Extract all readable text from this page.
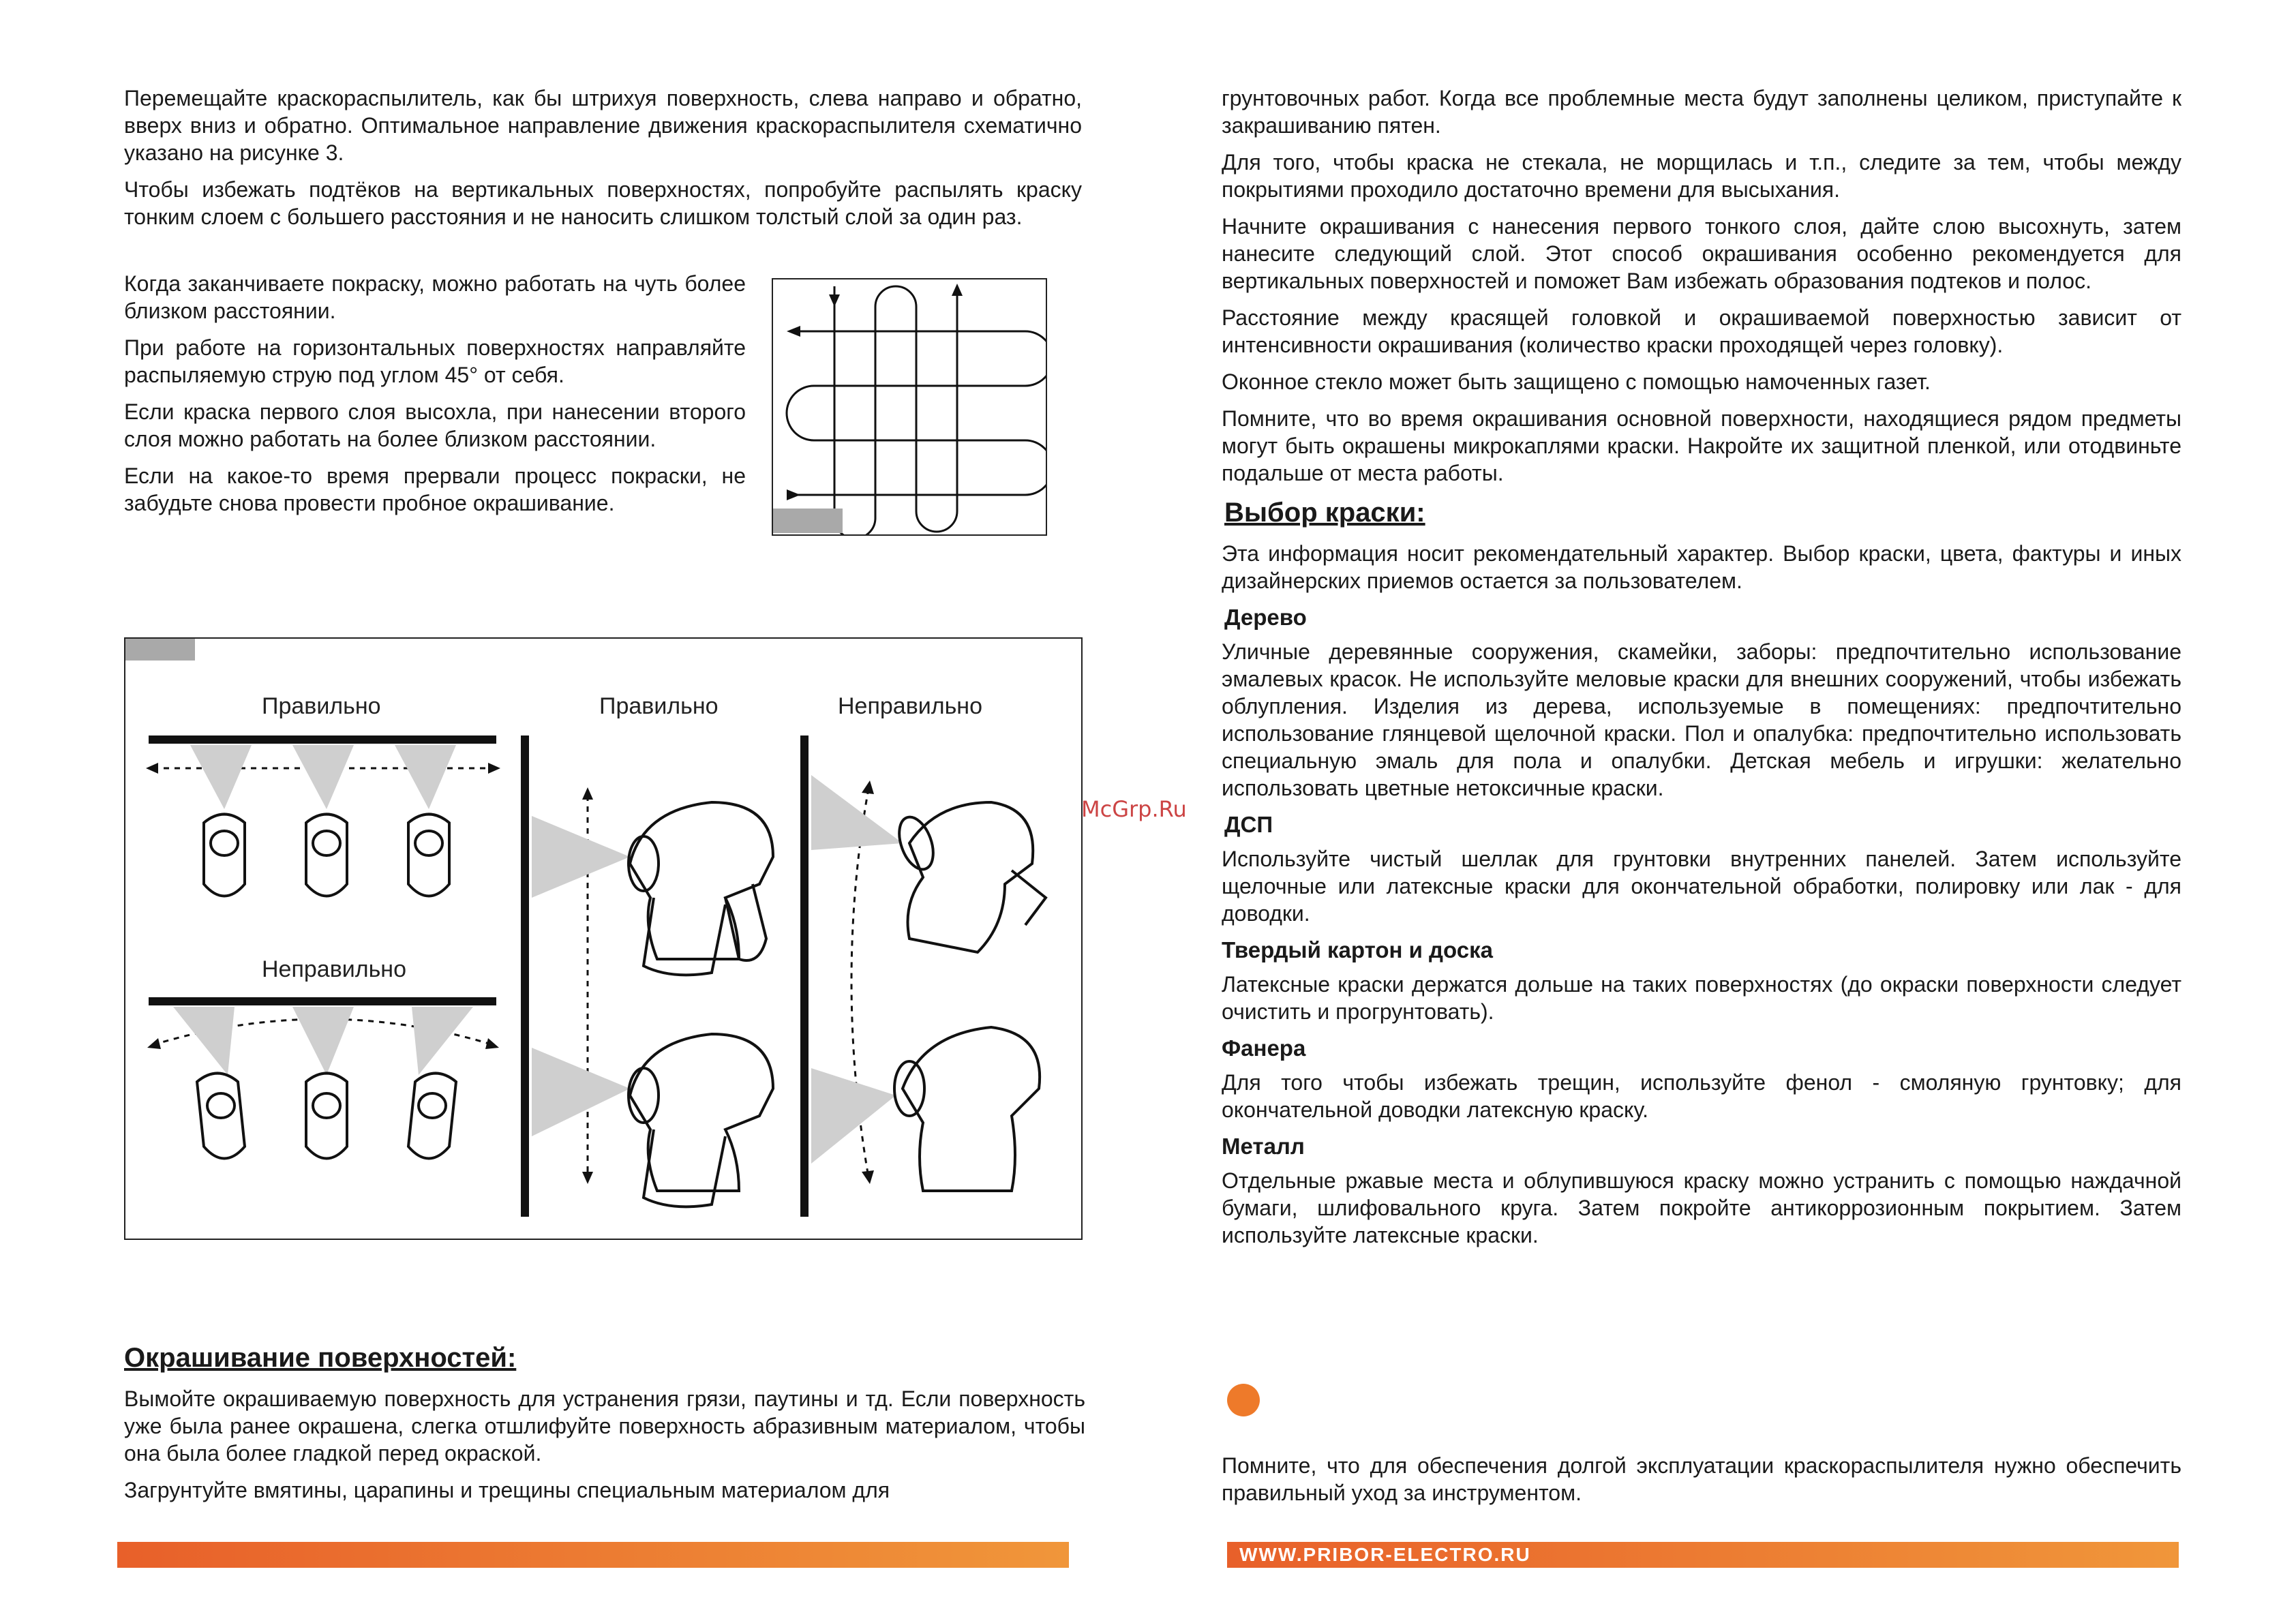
Перемещайте краскораспылитель, как бы штрихуя поверхность, слева направо и обратно, вверх вниз и обратно. Оптимальное направление движения краскораспылителя схематично указано на рисунке 3.

Чтобы избежать подтёков на вертикальных поверхностях, попробуйте распылять краску тонким слоем с большего расстояния и не наносить слишком толстый слой за один раз.

Когда заканчиваете покраску, можно работать на чуть более близком расстоянии.

При работе на горизонтальных поверхностях направляйте распыляемую струю под углом 45° от себя.

Если краска первого слоя высохла, при нанесении второго слоя можно работать на более близком расстоянии.

Если на какое-то время прервали процесс покраски, не забудьте снова провести пробное окрашивание.

Правильно	Правильно	Неправильно
Неправильно
Окрашивание поверхностей:

Вымойте окрашиваемую поверхность для устранения грязи, паутины и тд. Если поверхность уже была ранее окрашена, слегка отшлифуйте поверхность абразивным материалом, чтобы она была более гладкой перед окраской.

Загрунтуйте вмятины, царапины и трещины специальным материалом для

грунтовочных работ. Когда все проблемные места будут заполнены целиком, приступайте к закрашиванию пятен.

Для того, чтобы краска не стекала, не морщилась и т.п., следите за тем, чтобы между покрытиями проходило достаточно времени для высыхания.

Начните окрашивания с нанесения первого тонкого слоя, дайте слою высохнуть, затем нанесите следующий слой. Этот способ окрашивания особенно рекомендуется для вертикальных поверхностей и поможет Вам избежать образования подтеков и полос.

Расстояние между красящей головкой и окрашиваемой поверхностью зависит от интенсивности окрашивания (количество краски проходящей через головку).

Оконное стекло может быть защищено с помощью намоченных газет.

Помните, что во время окрашивания основной поверхности, находящиеся рядом предметы могут быть окрашены микрокаплями краски. Накройте их защитной пленкой, или отодвиньте подальше от места работы.

Выбор краски:

Эта информация носит рекомендательный характер. Выбор краски, цвета, фактуры и иных дизайнерских приемов остается за пользователем.

Дерево

Уличные деревянные сооружения, скамейки, заборы: предпочтительно использование эмалевых красок. Не используйте меловые краски для внешних сооружений, чтобы избежать облупления. Изделия из дерева, используемые в помещениях: предпочтительно использование глянцевой щелочной краски. Пол и опалубка: предпочтительно использовать специальную эмаль для пола и опалубки. Детская мебель и игрушки: желательно использовать цветные нетоксичные краски.

ДСП

Используйте чистый шеллак для грунтовки внутренних панелей. Затем используйте щелочные или латексные краски для окончательной обработки, полировку или лак - для доводки.

Твердый картон и доска

Латексные краски держатся дольше на таких поверхностях (до окраски поверхности следует очистить и прогрунтовать).

Фанера

Для того чтобы избежать трещин, используйте фенол - смоляную грунтовку; для окончательной доводки латексную краску.

Металл

Отдельные ржавые места и облупившуюся краску можно устранить с помощью наждачной бумаги, шлифовального круга. Затем покройте антикоррозионным покрытием. Затем используйте латексные краски.

Помните, что для обеспечения долгой эксплуатации краскораспылителя нужно обеспечить правильный уход за инструментом.

McGrp.Ru
WWW.PRIBOR-ELECTRO.RU
